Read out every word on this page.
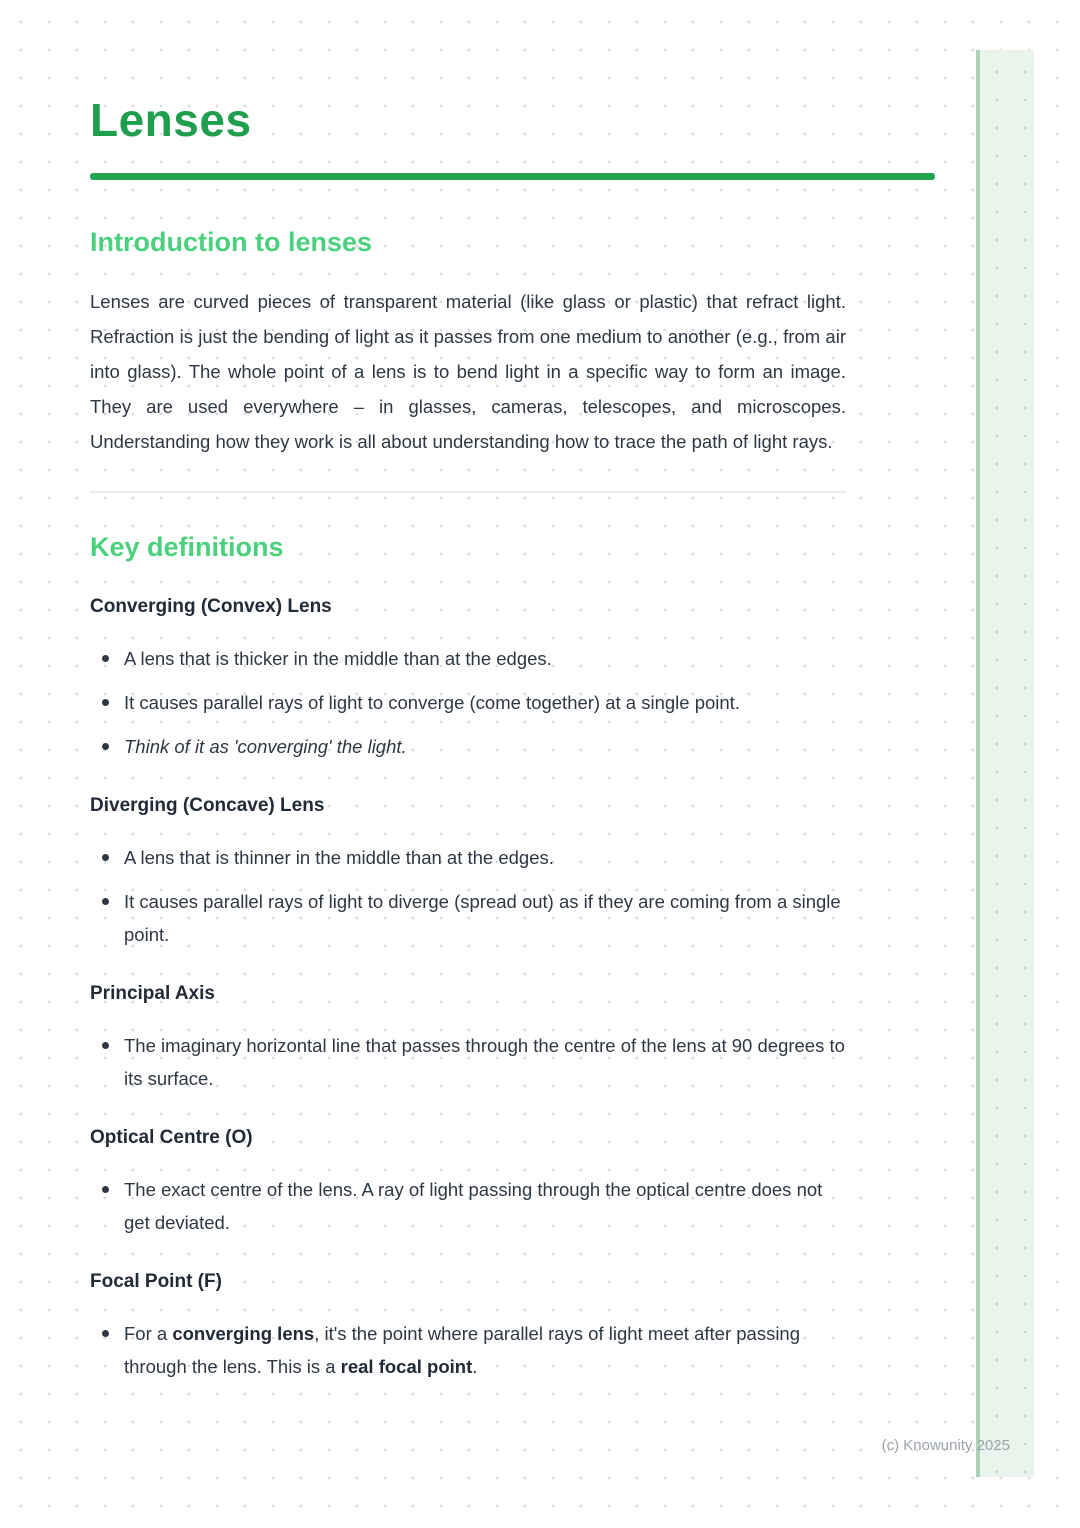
Lenses
Introduction to lenses

Lenses are curved pieces of transparent material (like glass or plastic) that refract light. Refraction is just the bending of light as it passes from one medium to another (e.g., from air into glass). The whole point of a lens is to bend light in a specific way to form an image. They are used everywhere – in glasses, cameras, telescopes, and microscopes. Understanding how they work is all about understanding how to trace the path of light rays.

Key definitions
Converging (Convex) Lens
A lens that is thicker in the middle than at the edges.
It causes parallel rays of light to converge (come together) at a single point.
Think of it as 'converging' the light.
Diverging (Concave) Lens
A lens that is thinner in the middle than at the edges.
It causes parallel rays of light to diverge (spread out) as if they are coming from a single point.
Principal Axis
The imaginary horizontal line that passes through the centre of the lens at 90 degrees to its surface.
Optical Centre (O)
The exact centre of the lens. A ray of light passing through the optical centre does not get deviated.
Focal Point (F)
For a converging lens, it's the point where parallel rays of light meet after passing through the lens. This is a real focal point.
(c) Knowunity 2025
